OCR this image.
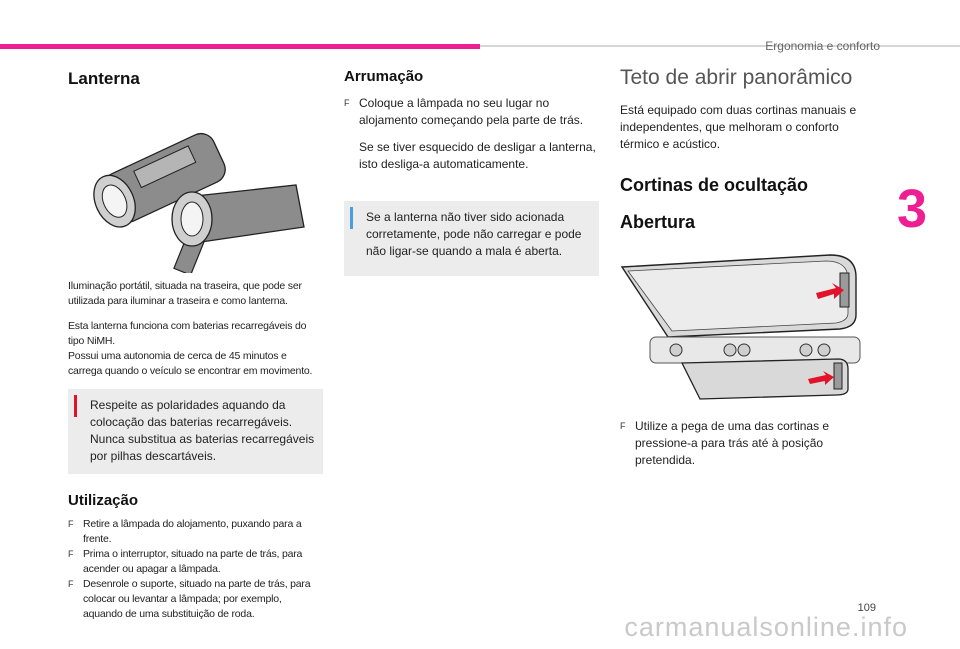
Ergonomia e conforto
3
109
carmanualsonline.info
Lanterna

Iluminação portátil, situada na traseira, que pode ser utilizada para iluminar a traseira e como lanterna.

Esta lanterna funciona com baterias recarregáveis do tipo NiMH.

Possui uma autonomia de cerca de 45 minutos e carrega quando o veículo se encontrar em movimento.

Respeite as polaridades aquando da colocação das baterias recarregáveis. Nunca substitua as baterias recarregáveis por pilhas descartáveis.

Utilização
F Retire a lâmpada do alojamento, puxando para a frente.
F Prima o interruptor, situado na parte de trás, para acender ou apagar a lâmpada.
F Desenrole o suporte, situado na parte de trás, para colocar ou levantar a lâmpada; por exemplo, aquando de uma substituição de roda.
Arrumação
F Coloque a lâmpada no seu lugar no alojamento começando pela parte de trás.

Se se tiver esquecido de desligar a lanterna, isto desliga-a automaticamente.

Se a lanterna não tiver sido acionada corretamente, pode não carregar e pode não ligar-se quando a mala é aberta.

Teto de abrir panorâmico

Está equipado com duas cortinas manuais e independentes, que melhoram o conforto térmico e acústico.

Cortinas de ocultação
Abertura
F Utilize a pega de uma das cortinas e pressione-a para trás até à posição pretendida.
